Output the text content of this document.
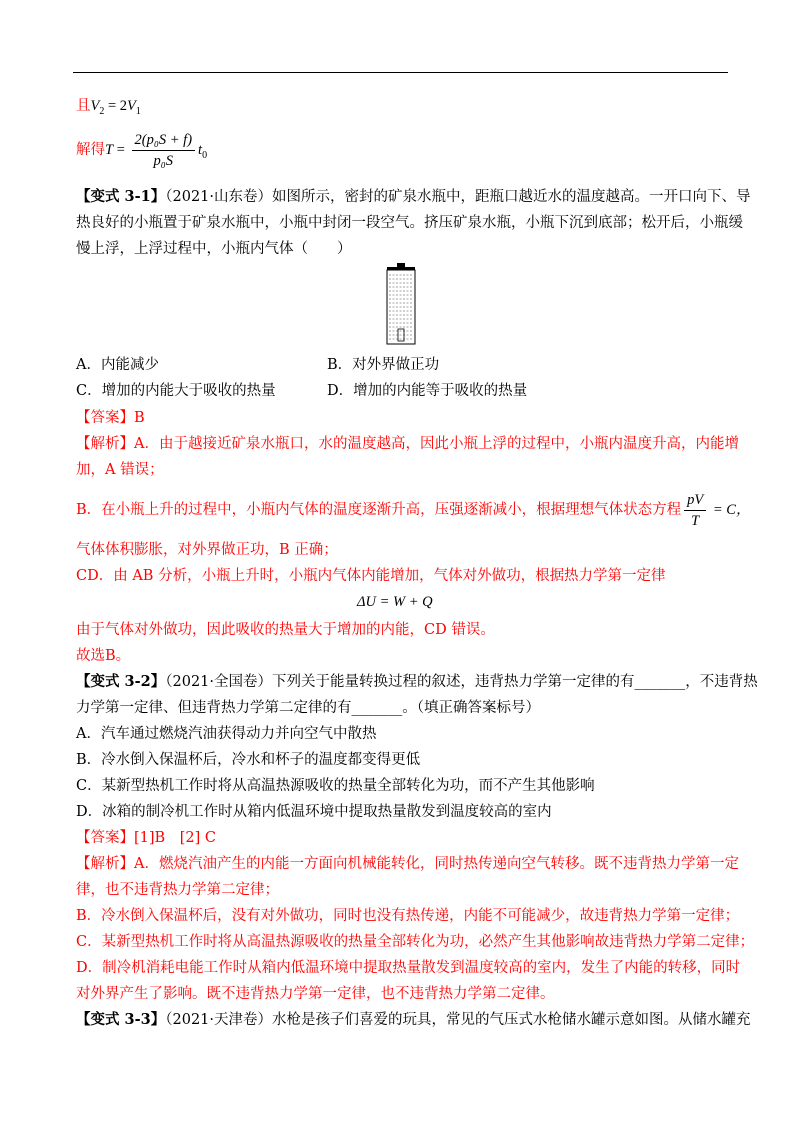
且$V_2 = 2V_1$
解得$T = \frac{\text{2(p₀S + f)}}{\text{p₀S}} t_0$
【变式 3-1】（2021·山东卷）如图所示，密封的矿泉水瓶中，距瓶口越近水的温度越高。一开口向下、导
热良好的小瓶置于矿泉水瓶中，小瓶中封闭一段空气。挤压矿泉水瓶，小瓶下沉到底部；松开后，小瓶缓
慢上浮，上浮过程中，小瓶内气体（　　）
A．内能减少	B．对外界做正功
C．增加的内能大于吸收的热量	D．增加的内能等于吸收的热量
【答案】B
【解析】A．由于越接近矿泉水瓶口，水的温度越高，因此小瓶上浮的过程中，小瓶内温度升高，内能增
加，A 错误；
B．在小瓶上升的过程中，小瓶内气体的温度逐渐升高，压强逐渐减小，根据理想气体状态方程 $\frac{pV}{T} = C$，
气体体积膨胀，对外界做正功，B 正确；
CD．由 AB 分析，小瓶上升时，小瓶内气体内能增加，气体对外做功，根据热力学第一定律
ΔU = W + Q
由于气体对外做功，因此吸收的热量大于增加的内能，CD 错误。
故选B。
【变式 3-2】（2021·全国卷）下列关于能量转换过程的叙述，违背热力学第一定律的有_______，不违背热
力学第一定律、但违背热力学第二定律的有_______。（填正确答案标号）
A．汽车通过燃烧汽油获得动力并向空气中散热
B．冷水倒入保温杯后，冷水和杯子的温度都变得更低
C．某新型热机工作时将从高温热源吸收的热量全部转化为功，而不产生其他影响
D．冰箱的制冷机工作时从箱内低温环境中提取热量散发到温度较高的室内
【答案】[1]B　[2] C
【解析】A．燃烧汽油产生的内能一方面向机械能转化，同时热传递向空气转移。既不违背热力学第一定
律，也不违背热力学第二定律；
B．冷水倒入保温杯后，没有对外做功，同时也没有热传递，内能不可能减少，故违背热力学第一定律；
C．某新型热机工作时将从高温热源吸收的热量全部转化为功，必然产生其他影响故违背热力学第二定律；
D．制冷机消耗电能工作时从箱内低温环境中提取热量散发到温度较高的室内，发生了内能的转移，同时
对外界产生了影响。既不违背热力学第一定律，也不违背热力学第二定律。
【变式 3-3】（2021·天津卷）水枪是孩子们喜爱的玩具，常见的气压式水枪储水罐示意如图。从储水罐充
